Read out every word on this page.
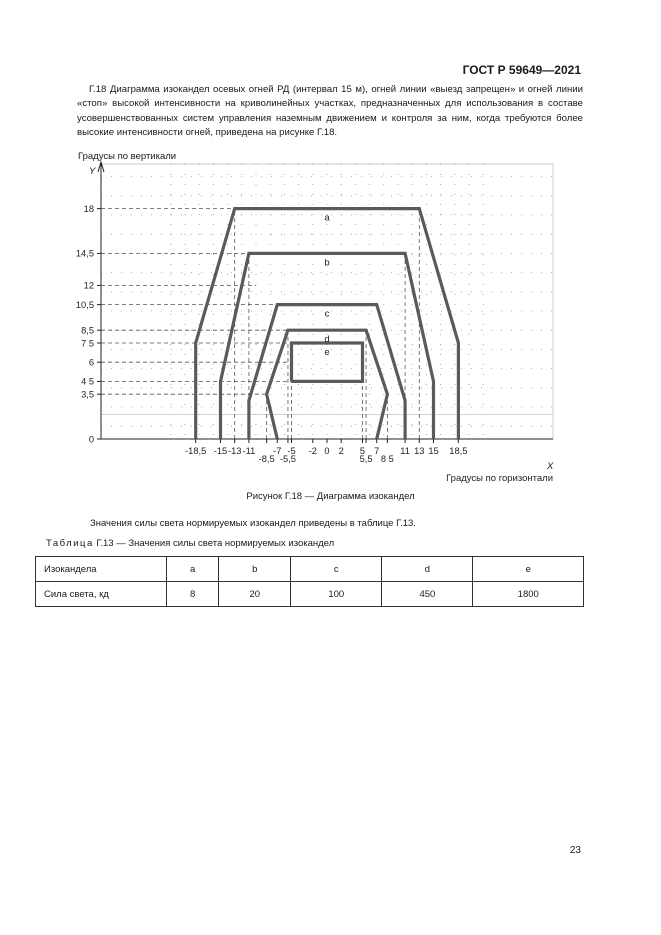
ГОСТ Р 59649—2021
Г.18 Диаграмма изокандел осевых огней РД (интервал 15 м), огней линии «выезд запрещен» и огней линии «стоп» высокой интенсивности на криволинейных участках, предназначенных для использования в составе усовершенствованных систем управления наземным движением и контроля за ним, когда требуются более высокие интенсивности огней, приведена на рисунке Г.18.
Градусы по вертикали
0
3,5
4 5
6
7 5
8,5
10,5
12
14,5
18
-18,5 -15 -13 -11
-8,5
-7
-5,5
-5 -2 0 2 5
5,5
7
8 5
11 13 15 18,5
Y
X
Градусы по горизонтали
a
b
c
d
e
Рисунок Г.18 — Диаграмма изокандел
Значения силы света нормируемых изокандел приведены в таблице Г.13.
Таблица Г.13 — Значения силы света нормируемых изокандел
Изокандела	a	b	c	d	e
Сила света, кд	8	20	100	450	1800
23
